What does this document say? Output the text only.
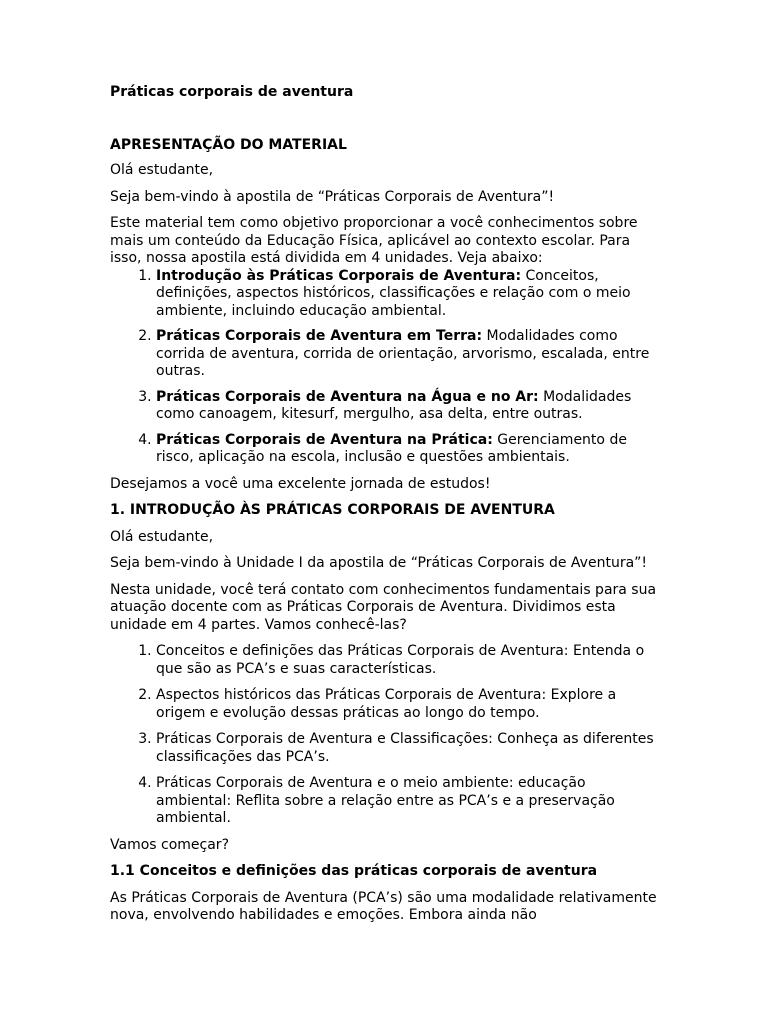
Práticas corporais de aventura
APRESENTAÇÃO DO MATERIAL
Olá estudante,
Seja bem-vindo à apostila de “Práticas Corporais de Aventura”!
Este material tem como objetivo proporcionar a você conhecimentos sobre mais um conteúdo da Educação Física, aplicável ao contexto escolar. Para isso, nossa apostila está dividida em 4 unidades. Veja abaixo:
1. Introdução às Práticas Corporais de Aventura: Conceitos, definições, aspectos históricos, classificações e relação com o meio ambiente, incluindo educação ambiental.
2. Práticas Corporais de Aventura em Terra: Modalidades como corrida de aventura, corrida de orientação, arvorismo, escalada, entre outras.
3. Práticas Corporais de Aventura na Água e no Ar: Modalidades como canoagem, kitesurf, mergulho, asa delta, entre outras.
4. Práticas Corporais de Aventura na Prática: Gerenciamento de risco, aplicação na escola, inclusão e questões ambientais.
Desejamos a você uma excelente jornada de estudos!
1. INTRODUÇÃO ÀS PRÁTICAS CORPORAIS DE AVENTURA
Olá estudante,
Seja bem-vindo à Unidade I da apostila de “Práticas Corporais de Aventura”!
Nesta unidade, você terá contato com conhecimentos fundamentais para sua atuação docente com as Práticas Corporais de Aventura. Dividimos esta unidade em 4 partes. Vamos conhecê-las?
1. Conceitos e definições das Práticas Corporais de Aventura: Entenda o que são as PCA’s e suas características.
2. Aspectos históricos das Práticas Corporais de Aventura: Explore a origem e evolução dessas práticas ao longo do tempo.
3. Práticas Corporais de Aventura e Classificações: Conheça as diferentes classificações das PCA’s.
4. Práticas Corporais de Aventura e o meio ambiente: educação ambiental: Reflita sobre a relação entre as PCA’s e a preservação ambiental.
Vamos começar?
1.1 Conceitos e definições das práticas corporais de aventura
As Práticas Corporais de Aventura (PCA’s) são uma modalidade relativamente nova, envolvendo habilidades e emoções. Embora ainda não
